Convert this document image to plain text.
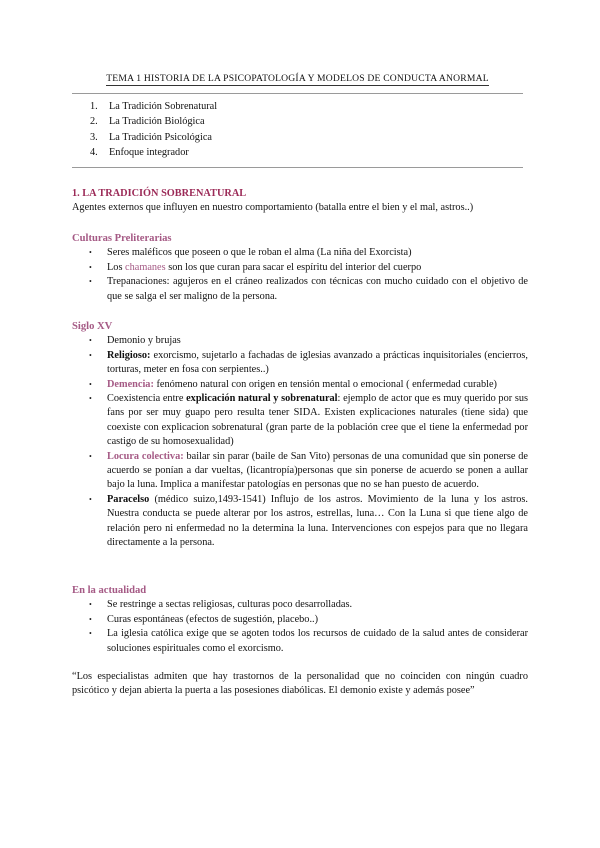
TEMA 1 HISTORIA DE LA PSICOPATOLOGÍA Y MODELOS DE CONDUCTA ANORMAL
1. La Tradición Sobrenatural
2. La Tradición Biológica
3. La Tradición Psicológica
4. Enfoque integrador
1. LA TRADICIÓN SOBRENATURAL

Agentes externos que influyen en nuestro comportamiento (batalla entre el bien y el mal, astros..)

Culturas Preliterarias
• Seres maléficos que poseen o que le roban el alma (La niña del Exorcista)
• Los chamanes son los que curan para sacar el espíritu del interior del cuerpo
• Trepanaciones: agujeros en el cráneo realizados con técnicas con mucho cuidado con el objetivo de que se salga el ser maligno de la persona.
Siglo XV
• Demonio y brujas
• Religioso: exorcismo, sujetarlo a fachadas de iglesias avanzado a prácticas inquisitoriales (encierros, torturas, meter en fosa con serpientes..)
• Demencia: fenómeno natural con origen en tensión mental o emocional ( enfermedad curable)
• Coexistencia entre explicación natural y sobrenatural: ejemplo de actor que es muy querido por sus fans por ser muy guapo pero resulta tener SIDA. Existen explicaciones naturales (tiene sida) que coexiste con explicacion sobrenatural (gran parte de la población cree que el tiene la enfermedad por castigo de su homosexualidad)
• Locura colectiva: bailar sin parar (baile de San Vito) personas de una comunidad que sin ponerse de acuerdo se ponían a dar vueltas, (licantropía)personas que sin ponerse de acuerdo se ponen a aullar bajo la luna. Implica a manifestar patologías en personas que no se han puesto de acuerdo.
• Paracelso (médico suizo,1493-1541) Influjo de los astros. Movimiento de la luna y los astros. Nuestra conducta se puede alterar por los astros, estrellas, luna… Con la Luna si que tiene algo de relación pero ni enfermedad no la determina la luna. Intervenciones con espejos para que no llegara directamente a la persona.
En la actualidad
• Se restringe a sectas religiosas, culturas poco desarrolladas.
• Curas espontáneas (efectos de sugestión, placebo..)
• La iglesia católica exige que se agoten todos los recursos de cuidado de la salud antes de considerar soluciones espirituales como el exorcismo.

“Los especialistas admiten que hay trastornos de la personalidad que no coinciden con ningún cuadro psicótico y dejan abierta la puerta a las posesiones diabólicas. El demonio existe y además posee”
